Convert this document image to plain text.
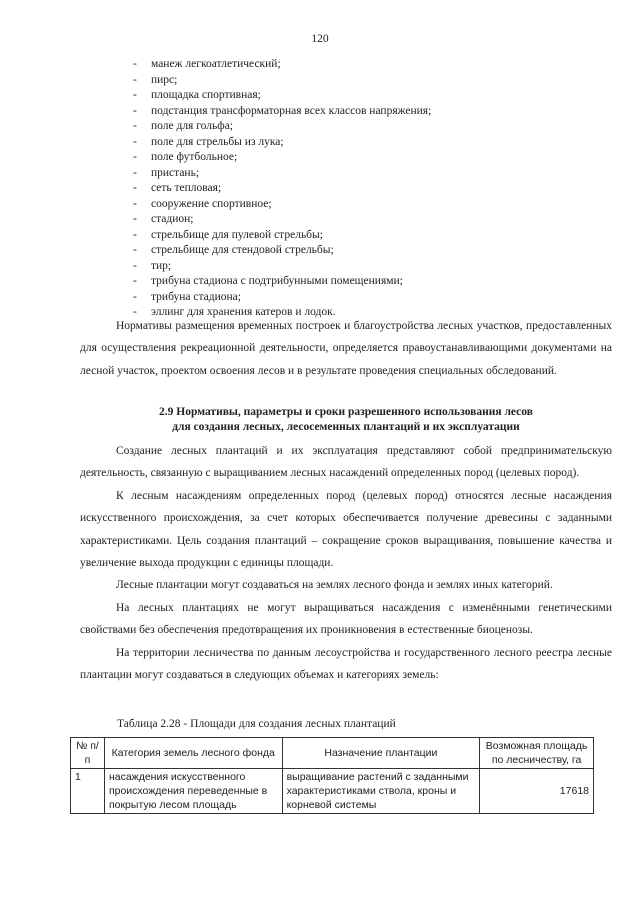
120
-	манеж легкоатлетический;
-	пирс;
-	площадка спортивная;
-	подстанция трансформаторная всех классов напряжения;
-	поле для гольфа;
-	поле для стрельбы из лука;
-	поле футбольное;
-	пристань;
-	сеть тепловая;
-	сооружение спортивное;
-	стадион;
-	стрельбище для пулевой стрельбы;
-	стрельбище для стендовой стрельбы;
-	тир;
-	трибуна стадиона с подтрибунными помещениями;
-	трибуна стадиона;
-	эллинг для хранения катеров и лодок.

Нормативы размещения временных построек и благоустройства лесных участков, предоставленных для осуществления рекреационной деятельности, определяется правоустанавливающими документами на лесной участок, проектом освоения лесов и в результате проведения специальных обследований.

2.9 Нормативы, параметры и сроки разрешенного использования лесов
для создания лесных, лесосеменных плантаций и их эксплуатации

Создание лесных плантаций и их эксплуатация представляют собой предпринимательскую деятельность, связанную с выращиванием лесных насаждений определенных пород (целевых пород).

К лесным насаждениям определенных пород (целевых пород) относятся лесные насаждения искусственного происхождения, за счет которых обеспечивается получение древесины с заданными характеристиками. Цель создания плантаций – сокращение сроков выращивания, повышение качества и увеличение выхода продукции с единицы площади.

Лесные плантации могут создаваться на землях лесного фонда и землях иных категорий.

На лесных плантациях не могут выращиваться насаждения с изменёнными генетическими свойствами без обеспечения предотвращения их проникновения в естественные биоценозы.

На территории лесничества по данным лесоустройства и государственного лесного реестра лесные плантации могут создаваться в следующих объемах и категориях земель:

Таблица 2.28 - Площади для создания лесных плантаций
№ п/п	Категория земель лесного фонда	Назначение плантации	Возможная площадь по лесничеству, га
1	насаждения искусственного происхождения переведенные в покрытую лесом площадь	выращивание растений с заданными характеристиками ствола, кроны и корневой системы	17618
